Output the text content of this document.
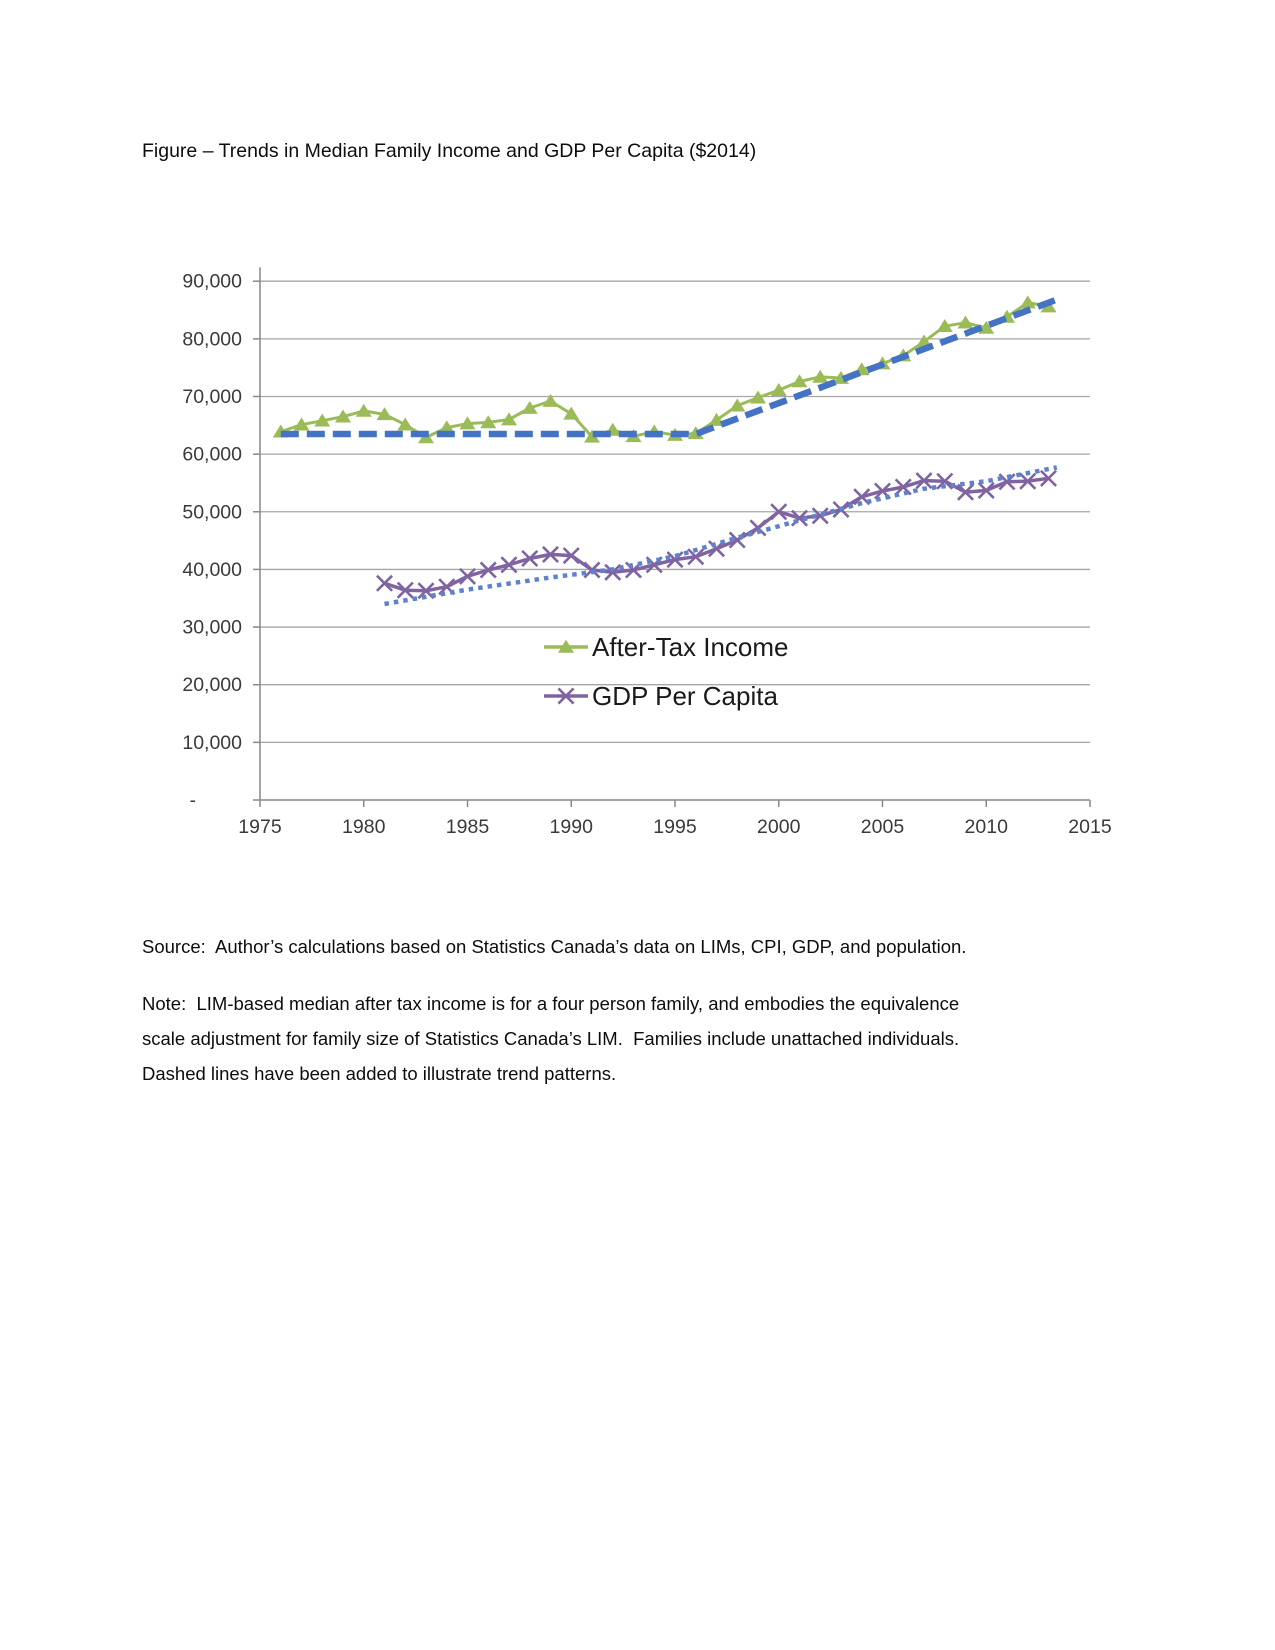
Figure – Trends in Median Family Income and GDP Per Capita ($2014)
-
10,000
20,000
30,000
40,000
50,000
60,000
70,000
80,000
90,000
1975	1980	1985	1990	1995	2000	2005	2010	2015
After-Tax Income
GDP Per Capita
Source:  Author’s calculations based on Statistics Canada’s data on LIMs, CPI, GDP, and population.
Note:  LIM-based median after tax income is for a four person family, and embodies the equivalence
scale adjustment for family size of Statistics Canada’s LIM.  Families include unattached individuals.
Dashed lines have been added to illustrate trend patterns.
